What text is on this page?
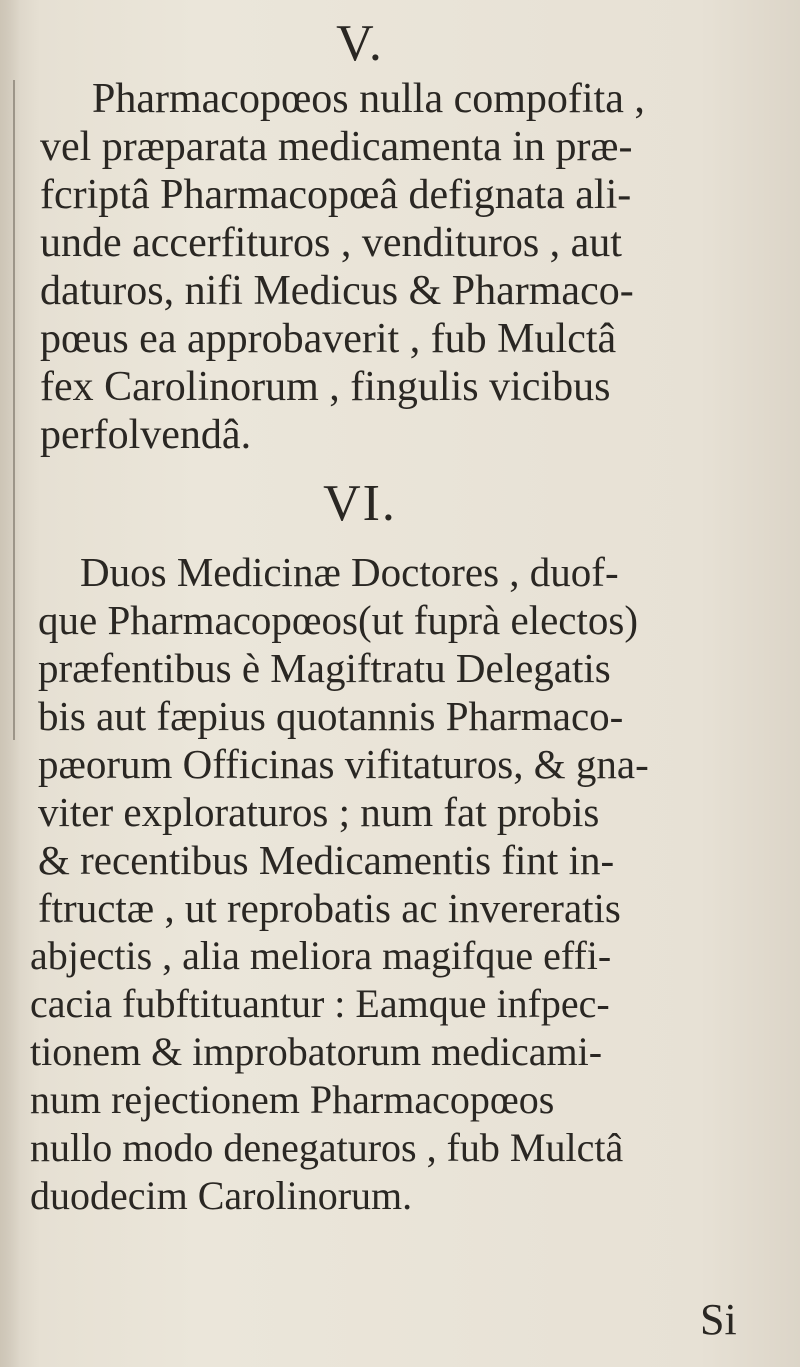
V.
Pharmacopœos nulla compofita ,
vel præparata medicamenta in præ-
fcriptâ Pharmacopœâ defignata ali-
unde accerfituros , vendituros , aut
daturos, nifi Medicus & Pharmaco-
pœus ea approbaverit , fub Mulctâ
fex Carolinorum , fingulis vicibus
perfolvendâ.
VI.
Duos Medicinæ Doctores , duof-
que Pharmacopœos(ut fuprà electos)
præfentibus è Magiftratu Delegatis
bis aut fæpius quotannis Pharmaco-
pæorum Officinas vifitaturos, & gna-
viter exploraturos ; num fat probis
& recentibus Medicamentis fint in-
ftructæ , ut reprobatis ac invereratis
abjectis , alia meliora magifque effi-
cacia fubftituantur : Eamque infpec-
tionem & improbatorum medicami-
num rejectionem Pharmacopœos
nullo modo denegaturos , fub Mulctâ
duodecim Carolinorum.
Si
